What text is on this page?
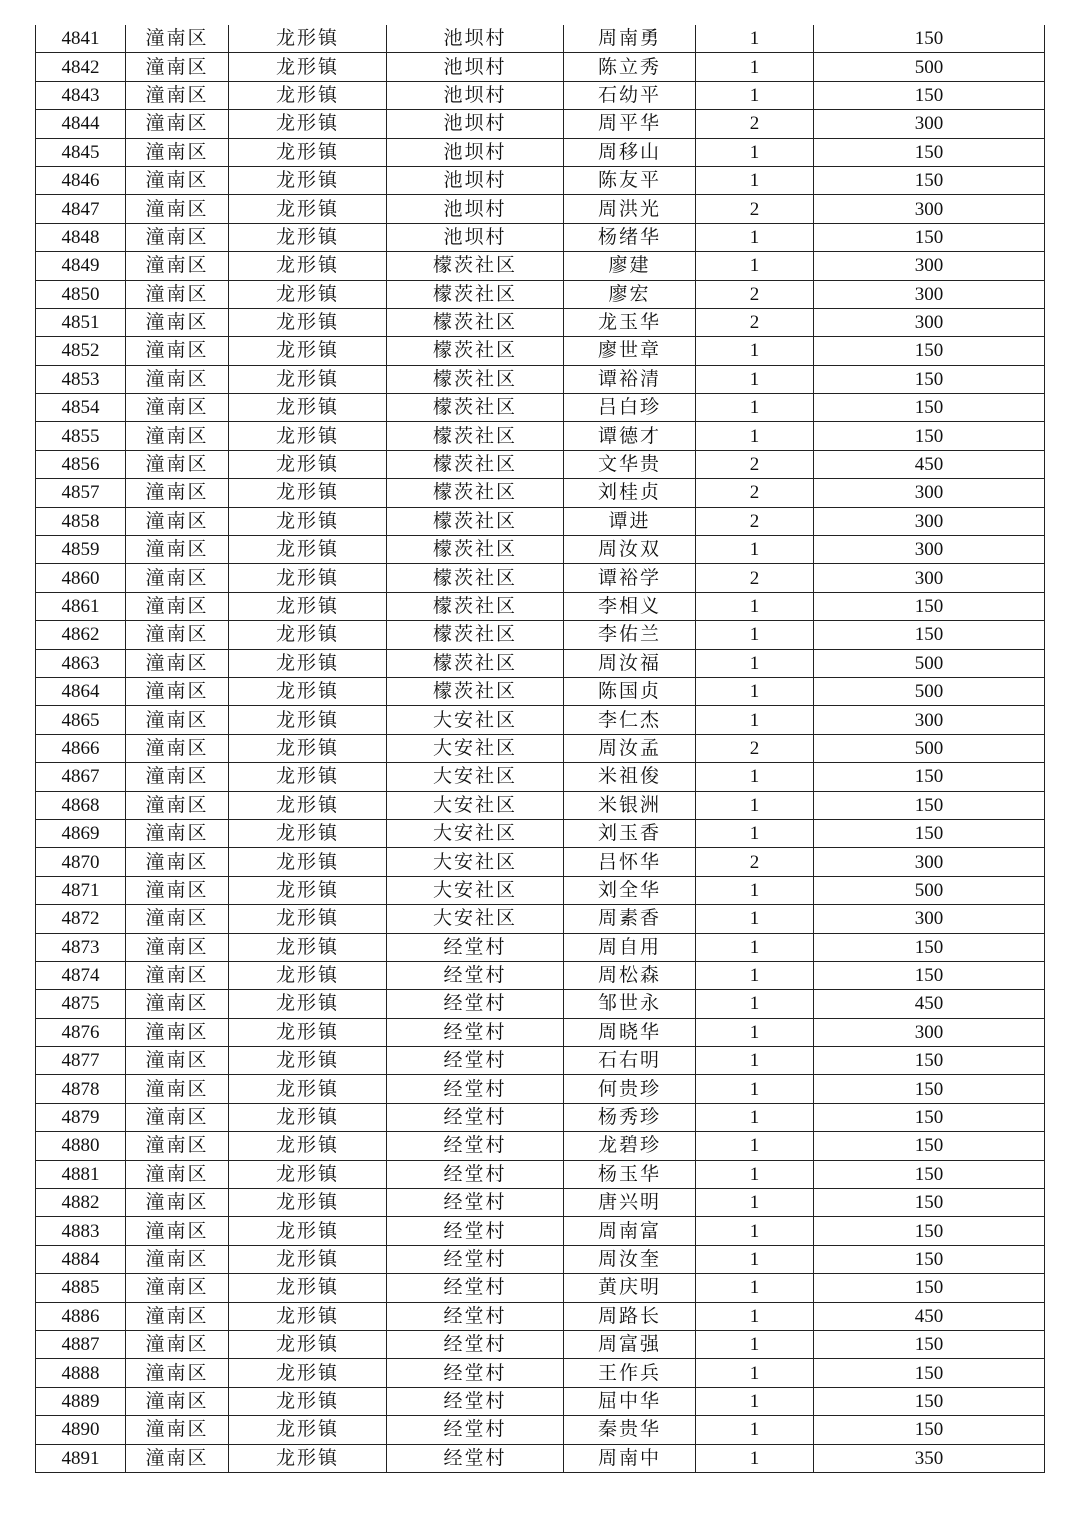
4841	潼南区	龙形镇	池坝村	周南勇	1	150
4842	潼南区	龙形镇	池坝村	陈立秀	1	500
4843	潼南区	龙形镇	池坝村	石幼平	1	150
4844	潼南区	龙形镇	池坝村	周平华	2	300
4845	潼南区	龙形镇	池坝村	周移山	1	150
4846	潼南区	龙形镇	池坝村	陈友平	1	150
4847	潼南区	龙形镇	池坝村	周洪光	2	300
4848	潼南区	龙形镇	池坝村	杨绪华	1	150
4849	潼南区	龙形镇	檬茨社区	廖建	1	300
4850	潼南区	龙形镇	檬茨社区	廖宏	2	300
4851	潼南区	龙形镇	檬茨社区	龙玉华	2	300
4852	潼南区	龙形镇	檬茨社区	廖世章	1	150
4853	潼南区	龙形镇	檬茨社区	谭裕清	1	150
4854	潼南区	龙形镇	檬茨社区	吕白珍	1	150
4855	潼南区	龙形镇	檬茨社区	谭德才	1	150
4856	潼南区	龙形镇	檬茨社区	文华贵	2	450
4857	潼南区	龙形镇	檬茨社区	刘桂贞	2	300
4858	潼南区	龙形镇	檬茨社区	谭进	2	300
4859	潼南区	龙形镇	檬茨社区	周汝双	1	300
4860	潼南区	龙形镇	檬茨社区	谭裕学	2	300
4861	潼南区	龙形镇	檬茨社区	李相义	1	150
4862	潼南区	龙形镇	檬茨社区	李佑兰	1	150
4863	潼南区	龙形镇	檬茨社区	周汝福	1	500
4864	潼南区	龙形镇	檬茨社区	陈国贞	1	500
4865	潼南区	龙形镇	大安社区	李仁杰	1	300
4866	潼南区	龙形镇	大安社区	周汝孟	2	500
4867	潼南区	龙形镇	大安社区	米祖俊	1	150
4868	潼南区	龙形镇	大安社区	米银洲	1	150
4869	潼南区	龙形镇	大安社区	刘玉香	1	150
4870	潼南区	龙形镇	大安社区	吕怀华	2	300
4871	潼南区	龙形镇	大安社区	刘全华	1	500
4872	潼南区	龙形镇	大安社区	周素香	1	300
4873	潼南区	龙形镇	经堂村	周自用	1	150
4874	潼南区	龙形镇	经堂村	周松森	1	150
4875	潼南区	龙形镇	经堂村	邹世永	1	450
4876	潼南区	龙形镇	经堂村	周晓华	1	300
4877	潼南区	龙形镇	经堂村	石右明	1	150
4878	潼南区	龙形镇	经堂村	何贵珍	1	150
4879	潼南区	龙形镇	经堂村	杨秀珍	1	150
4880	潼南区	龙形镇	经堂村	龙碧珍	1	150
4881	潼南区	龙形镇	经堂村	杨玉华	1	150
4882	潼南区	龙形镇	经堂村	唐兴明	1	150
4883	潼南区	龙形镇	经堂村	周南富	1	150
4884	潼南区	龙形镇	经堂村	周汝奎	1	150
4885	潼南区	龙形镇	经堂村	黄庆明	1	150
4886	潼南区	龙形镇	经堂村	周路长	1	450
4887	潼南区	龙形镇	经堂村	周富强	1	150
4888	潼南区	龙形镇	经堂村	王作兵	1	150
4889	潼南区	龙形镇	经堂村	屈中华	1	150
4890	潼南区	龙形镇	经堂村	秦贵华	1	150
4891	潼南区	龙形镇	经堂村	周南中	1	350
